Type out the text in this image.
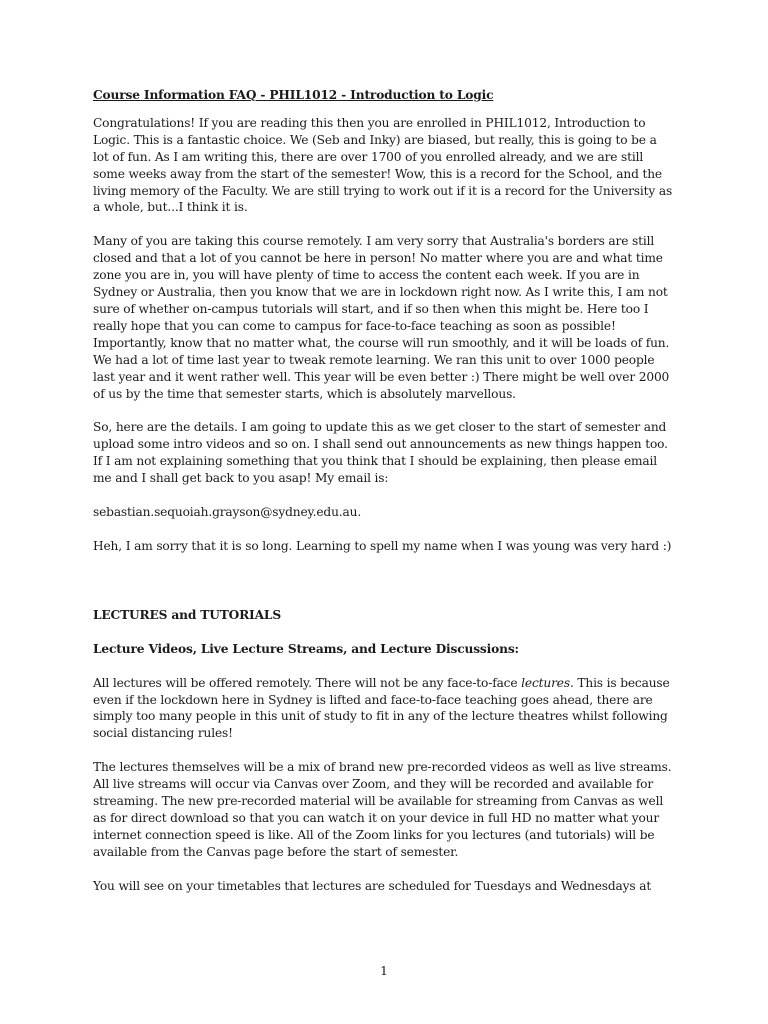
Course Information FAQ - PHIL1012 - Introduction to Logic

Congratulations! If you are reading this then you are enrolled in PHIL1012, Introduction to Logic. This is a fantastic choice. We (Seb and Inky) are biased, but really, this is going to be a lot of fun. As I am writing this, there are over 1700 of you enrolled already, and we are still some weeks away from the start of the semester! Wow, this is a record for the School, and the living memory of the Faculty. We are still trying to work out if it is a record for the University as a whole, but...I think it is.

Many of you are taking this course remotely. I am very sorry that Australia's borders are still closed and that a lot of you cannot be here in person! No matter where you are and what time zone you are in, you will have plenty of time to access the content each week. If you are in Sydney or Australia, then you know that we are in lockdown right now. As I write this, I am not sure of whether on-campus tutorials will start, and if so then when this might be. Here too I really hope that you can come to campus for face-to-face teaching as soon as possible! Importantly, know that no matter what, the course will run smoothly, and it will be loads of fun. We had a lot of time last year to tweak remote learning. We ran this unit to over 1000 people last year and it went rather well. This year will be even better :) There might be well over 2000 of us by the time that semester starts, which is absolutely marvellous.

So, here are the details. I am going to update this as we get closer to the start of semester and upload some intro videos and so on. I shall send out announcements as new things happen too. If I am not explaining something that you think that I should be explaining, then please email me and I shall get back to you asap! My email is:

sebastian.sequoiah.grayson@sydney.edu.au.

Heh, I am sorry that it is so long. Learning to spell my name when I was young was very hard :)

LECTURES and TUTORIALS

Lecture Videos, Live Lecture Streams, and Lecture Discussions:

All lectures will be offered remotely. There will not be any face-to-face lectures. This is because even if the lockdown here in Sydney is lifted and face-to-face teaching goes ahead, there are simply too many people in this unit of study to fit in any of the lecture theatres whilst following social distancing rules!

The lectures themselves will be a mix of brand new pre-recorded videos as well as live streams. All live streams will occur via Canvas over Zoom, and they will be recorded and available for streaming. The new pre-recorded material will be available for streaming from Canvas as well as for direct download so that you can watch it on your device in full HD no matter what your internet connection speed is like. All of the Zoom links for you lectures (and tutorials) will be available from the Canvas page before the start of semester.

You will see on your timetables that lectures are scheduled for Tuesdays and Wednesdays at

1
